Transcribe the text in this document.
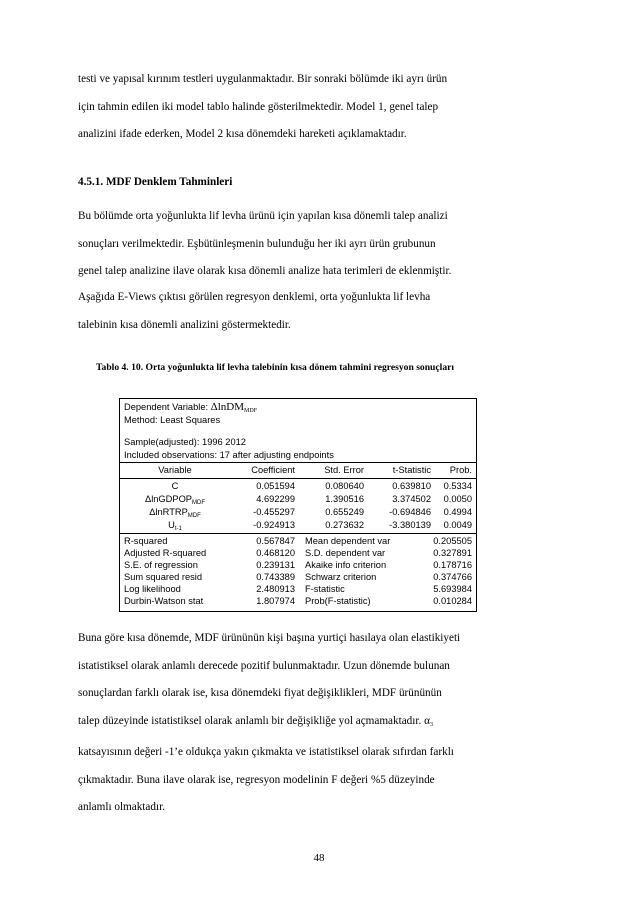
testi ve yapısal kırınım testleri uygulanmaktadır. Bir sonraki bölümde iki ayrı ürün
için tahmin edilen iki model tablo halinde gösterilmektedir. Model 1, genel talep
analizini ifade ederken, Model 2 kısa dönemdeki hareketi açıklamaktadır.
4.5.1. MDF Denklem Tahminleri
Bu bölümde orta yoğunlukta lif levha ürünü için yapılan kısa dönemli talep analizi
sonuçları verilmektedir. Eşbütünleşmenin bulunduğu her iki ayrı ürün grubunun
genel talep analizine ilave olarak kısa dönemli analize hata terimleri de eklenmiştir.
Aşağıda E-Views çıktısı görülen regresyon denklemi, orta yoğunlukta lif levha
talebinin kısa dönemli analizini göstermektedir.
Tablo 4. 10. Orta yoğunlukta lif levha talebinin kısa dönem tahmini regresyon sonuçları
Dependent Variable: ΔlnDM$_{MDF}$
Method: Least Squares
Sample(adjusted): 1996 2012
Included observations: 17 after adjusting endpoints
Variable	Coefficient	Std. Error	t-Statistic	Prob.
C	0.051594	0.080640	0.639810	0.5334
ΔlnGDPOP$_{MDF}$	4.692299	1.390516	3.374502	0.0050
ΔlnRTRP$_{MDF}$	-0.455297	0.655249	-0.694846	0.4994
$U_{t-1}$	-0.924913	0.273632	-3.380139	0.0049
R-squared	0.567847 Mean dependent var	0.205505
Adjusted R-squared	0.468120 S.D. dependent var	0.327891
S.E. of regression	0.239131 Akaike info criterion	0.178716
Sum squared resid	0.743389 Schwarz criterion	0.374766
Log likelihood	2.480913 F-statistic	5.693984
Durbin-Watson stat	1.807974 Prob(F-statistic)	0.010284
Buna göre kısa dönemde, MDF ürününün kişi başına yurtiçi hasılaya olan elastikiyeti
istatistiksel olarak anlamlı derecede pozitif bulunmaktadır. Uzun dönemde bulunan
sonuçlardan farklı olarak ise, kısa dönemdeki fiyat değişiklikleri, MDF ürününün
talep düzeyinde istatistiksel olarak anlamlı bir değişikliğe yol açmamaktadır. α3
katsayısının değeri -1’e oldukça yakın çıkmakta ve istatistiksel olarak sıfırdan farklı
çıkmaktadır. Buna ilave olarak ise, regresyon modelinin F değeri %5 düzeyinde
anlamlı olmaktadır.
48
